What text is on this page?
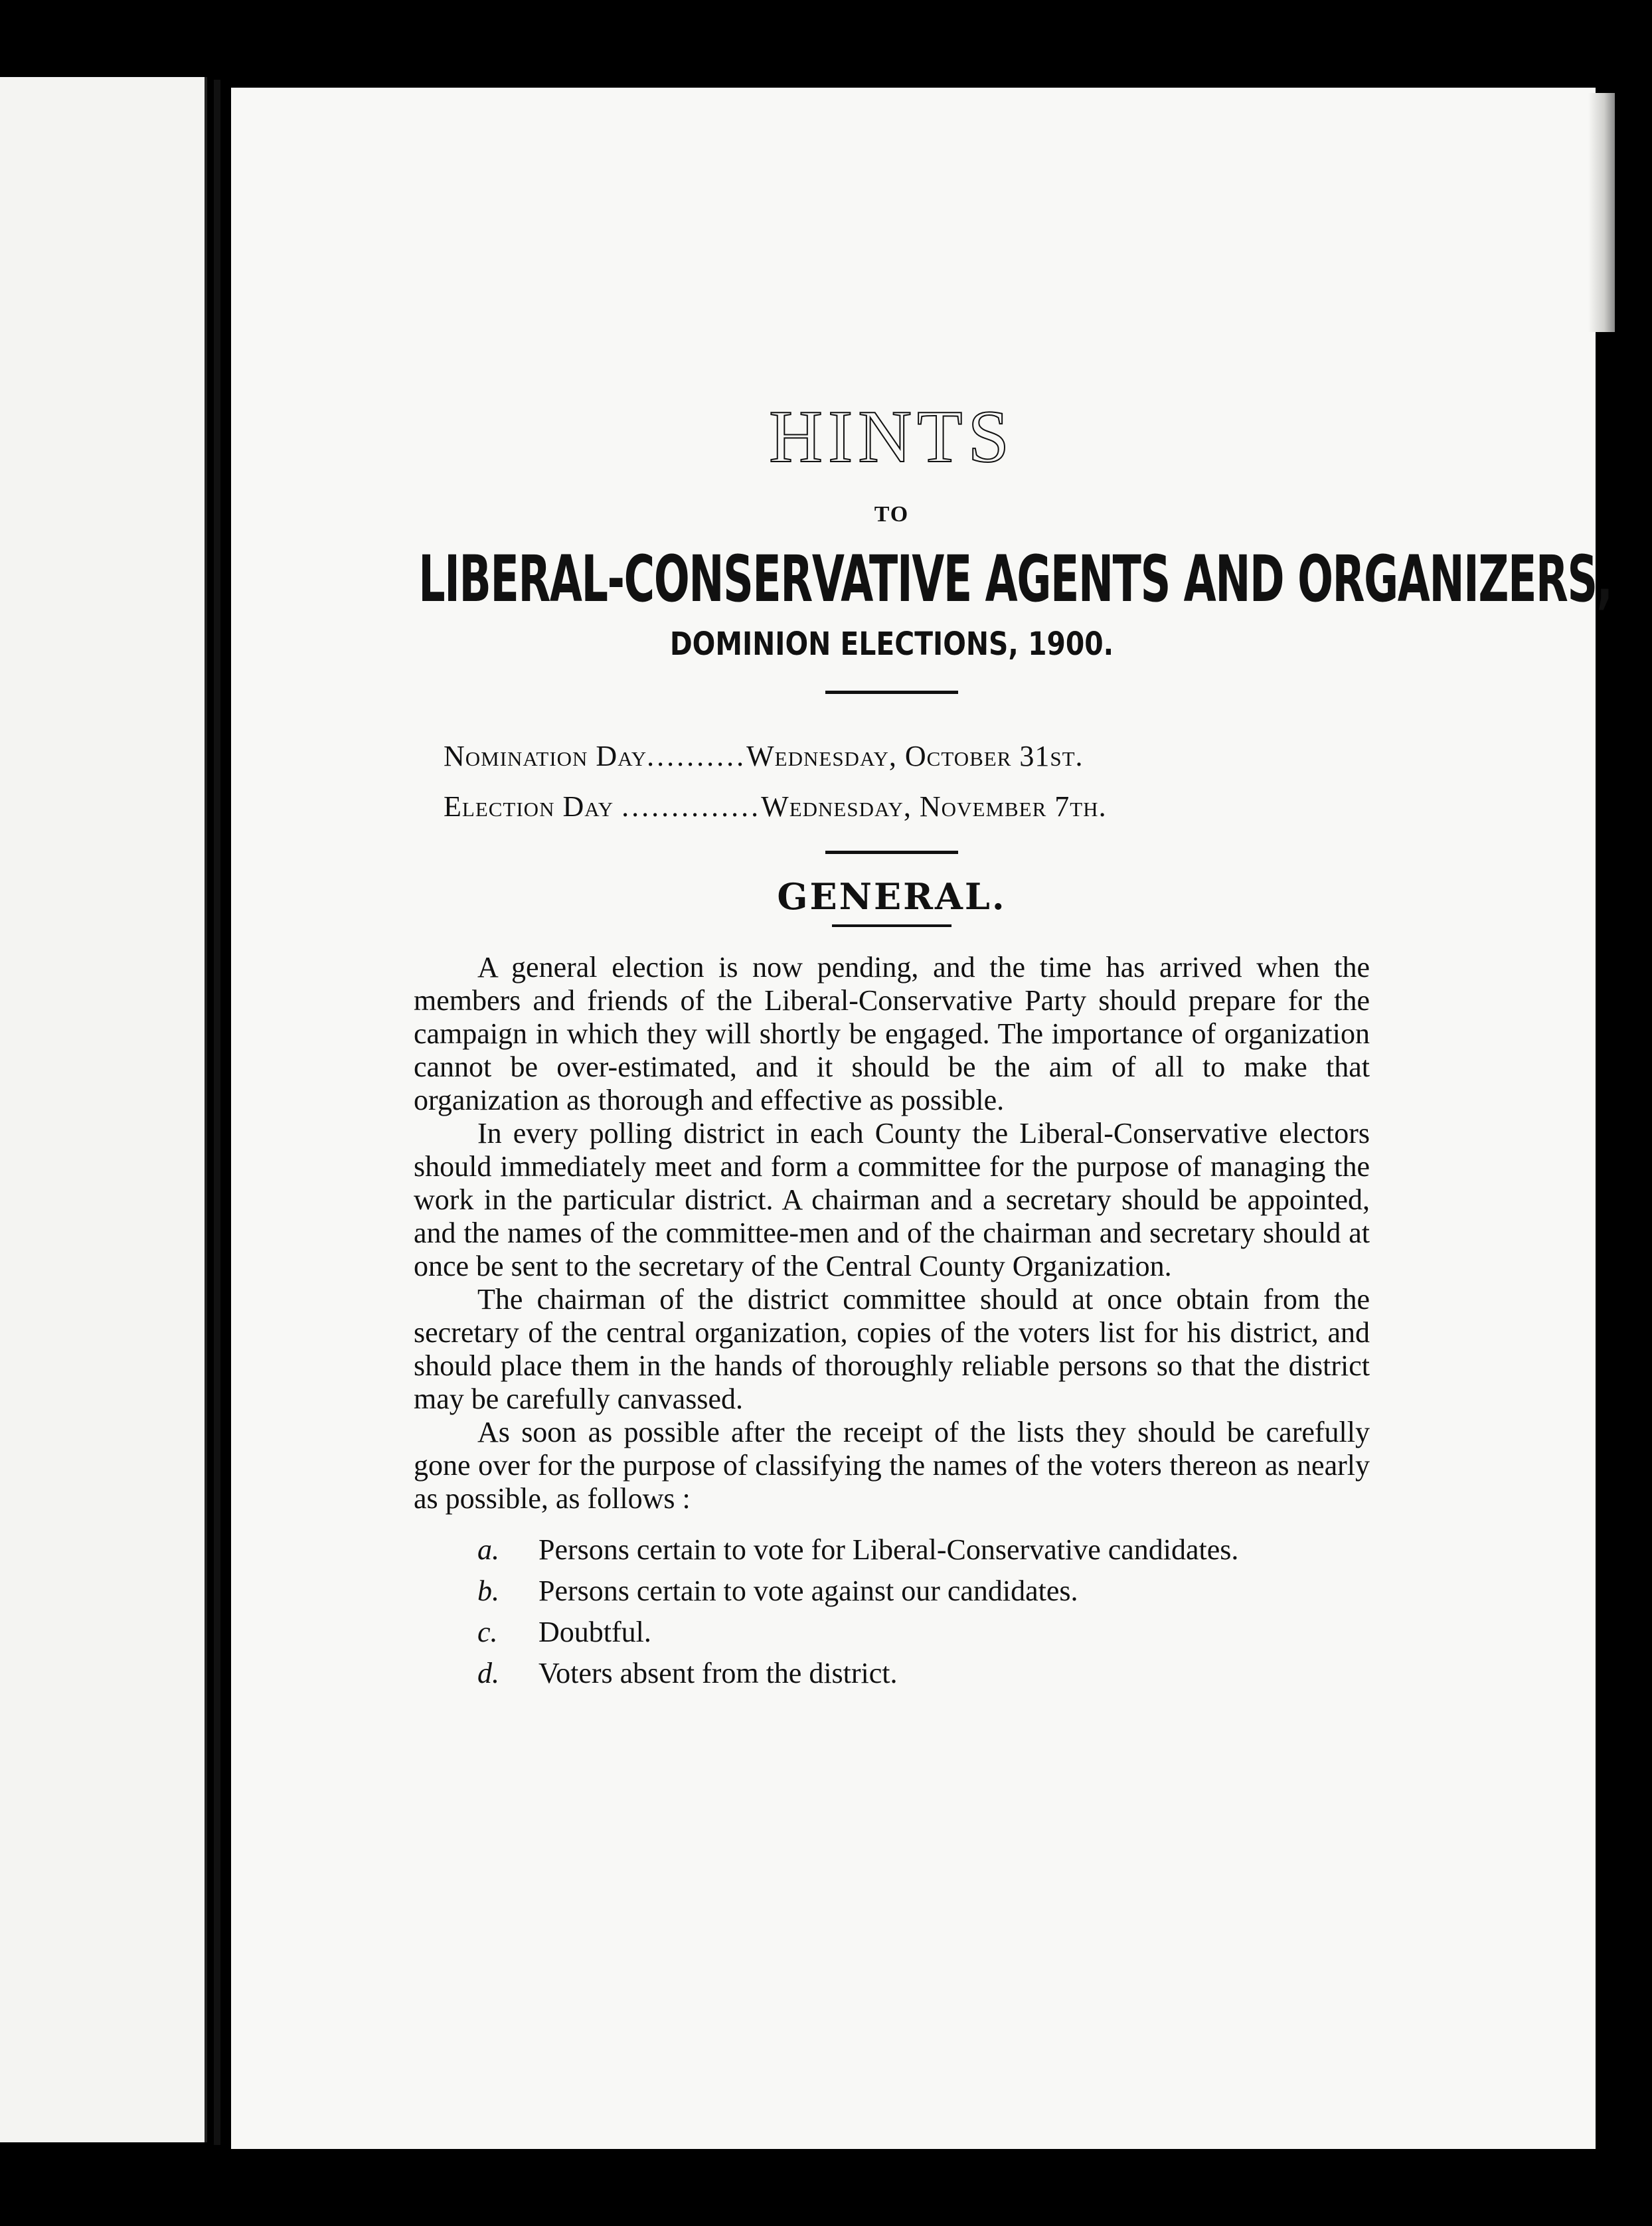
HINTS
TO
LIBERAL-CONSERVATIVE AGENTS AND ORGANIZERS,
DOMINION ELECTIONS, 1900.
Nomination Day..........Wednesday, October 31st.
Election Day ..............Wednesday, November 7th.
GENERAL.

A general election is now pending, and the time has arrived when the members and friends of the Liberal-Conservative Party should prepare for the campaign in which they will shortly be engaged. The importance of organization cannot be over-estimated, and it should be the aim of all to make that organization as thorough and effective as possible.

In every polling district in each County the Liberal-Conservative electors should immediately meet and form a committee for the purpose of managing the work in the particular district. A chairman and a secretary should be appointed, and the names of the committee-men and of the chairman and secretary should at once be sent to the secretary of the Central County Organization.

The chairman of the district committee should at once obtain from the secretary of the central organization, copies of the voters list for his district, and should place them in the hands of thoroughly reliable persons so that the district may be carefully canvassed.

As soon as possible after the receipt of the lists they should be carefully gone over for the purpose of classifying the names of the voters thereon as nearly as possible, as follows :

a.	Persons certain to vote for Liberal-Conservative candidates.
b.	Persons certain to vote against our candidates.
c.	Doubtful.
d.	Voters absent from the district.
